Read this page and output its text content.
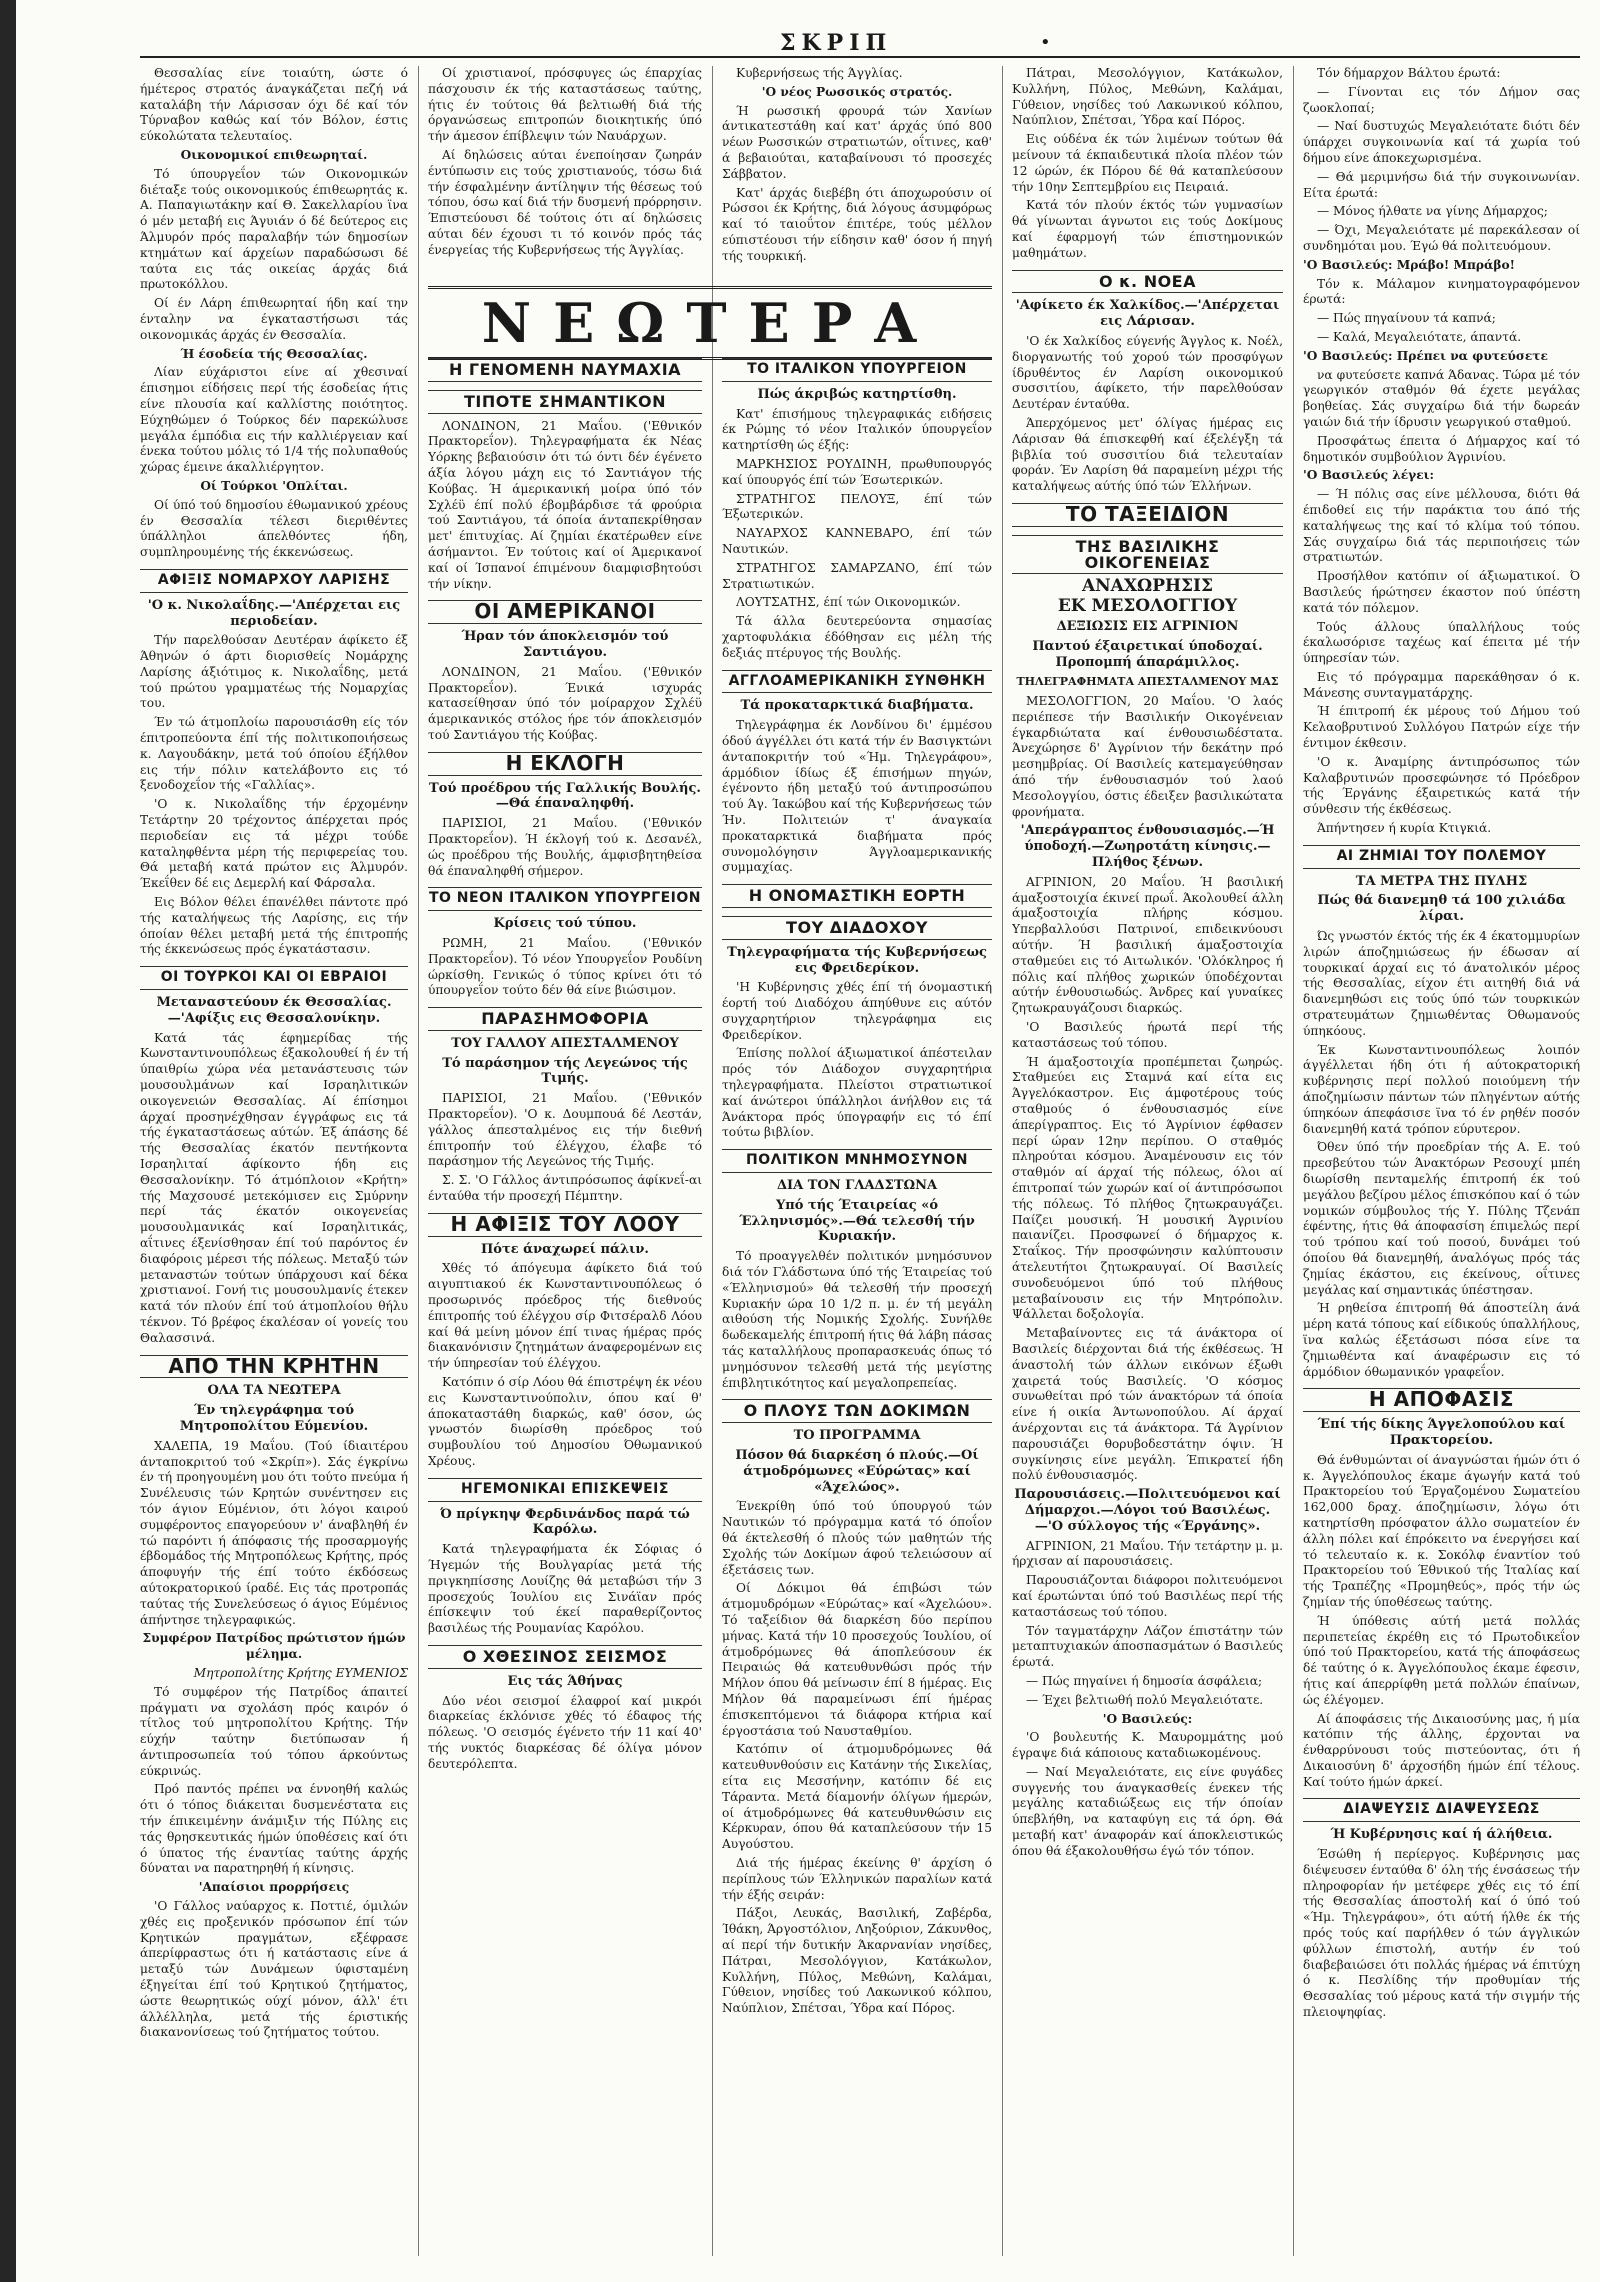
ΣΚΡΙΠ	•

Θεσσαλίας είνε τοιαύτη, ώστε ό ήμέτερος στρατός άναγκάζεται πεζή νά καταλάβη τήν Λάρισσαν όχι δέ καί τόν Τύρναβον καθώς καί τόν Βόλον, έστις εύκολώτατα τελευταίος.

Οικονομικοί επιθεωρηταί.

Τό ύπουργεΐον τών Οικονομικών διέταξε τούς οικονομικούς έπιθεωρητάς κ. Α. Παπαγιωτάκην καί Θ. Σακελλαρίου ϊνα ό μέν μεταβή εις Άγυιάν ό δέ δεύτερος εις Άλμυρόν πρός παραλαβήν τών δημοσίων κτημάτων καί άρχείων παραδώσωσι δέ ταύτα εις τάς οικείας άρχάς διά πρωτοκόλλου.

Οί έν Λάρη έπιθεωρηταί ήδη καί την ένταλην να έγκαταστήσωσι τάς οικονομικάς άρχάς έν Θεσσαλία.

Ή έσοδεία τής Θεσσαλίας.

Λίαν εύχάριστοι είνε αί χθεσιναί έπισημοι είδήσεις περί τής έσοδείας ήτις είνε πλουσία καί καλλίστης ποιότητος. Εύχηθώμεν ό Τούρκος δέν παρεκώλυσε μεγάλα έμπόδια εις τήν καλλιέργειαν καί ένεκα τούτου μόλις τό 1/4 τής πολυπαθούς χώρας έμεινε άκαλλιέργητον.

Οί Τούρκοι 'Οπλίται.

Οί ύπό τού δημοσίου έθωμανικού χρέους έν Θεσσαλία τέλεσι διεριθέντες ύπάλληλοι άπελθόντες ήδη, συμπληρουμένης τής έκκενώσεως.

ΑΦΙΞΙΣ ΝΟΜΑΡΧΟΥ ΛΑΡΙΣΗΣ
'Ο κ. Νικολαΐδης.—'Απέρχεται εις περιοδείαν.

Τήν παρελθούσαν Δευτέραν άφίκετο έξ Άθηνών ό άρτι διορισθείς Νομάρχης Λαρίσης άξιότιμος κ. Νικολαΐδης, μετά τού πρώτου γραμματέως τής Νομαρχίας του.

Έν τώ άτμοπλοίω παρουσιάσθη είς τόν έπιτροπεύοντα έπί τής πολιτικοποιήσεως κ. Λαγουδάκην, μετά τού όποίου έξήλθον εις τήν πόλιν κατελάβοντο εις τό ξενοδοχεΐον τής «Γαλλίας».

'Ο κ. Νικολαΐδης τήν έρχομένην Τετάρτην 20 τρέχοντος άπέρχεται πρός περιοδείαν εις τά μέχρι τούδε καταληφθέντα μέρη τής περιφερείας του. Θά μεταβή κατά πρώτον εις Άλμυρόν. Έκεΐθεν δέ εις Δεμερλή καί Φάρσαλα.

Εις Βόλον θέλει έπανέλθει πάντοτε πρό τής καταλήψεως τής Λαρίσης, εις τήν όποίαν θέλει μεταβή μετά τής έπιτροπής τής έκκενώσεως πρός έγκατάστασιν.

ΟΙ ΤΟΥΡΚΟΙ ΚΑΙ ΟΙ ΕΒΡΑΙΟΙ
Μεταναστεύουν έκ Θεσσαλίας.—'Αφίξις εις Θεσσαλονίκην.

Κατά τάς έφημερίδας τής Κωνσταντινουπόλεως έξακολουθεί ή έν τή ύπαιθρίω χώρα νέα μετανάστευσις τών μουσουλμάνων καί Ισραηλιτικών οικογενειών Θεσσαλίας. Αί έπίσημοι άρχαί προσηνέχθησαν έγγράφως εις τά τής έγκαταστάσεως αύτών. Έξ άπάσης δέ τής Θεσσαλίας έκατόν πεντήκοντα Ισραηλιταί άφίκοντο ήδη εις Θεσσαλονίκην. Τό άτμόπλοιον «Κρήτη» τής Μαχσουσέ μετεκόμισεν εις Σμύρνην περί τάς έκατόν οικογενείας μουσουλμανικάς καί Ισραηλιτικάς, αΐτινες έξενίσθησαν έπί τού παρόντος έν διαφόροις μέρεσι τής πόλεως. Μεταξύ τών μεταναστών τούτων ύπάρχουσι καί δέκα χριστιανοί. Γονή τις μουσουλμανίς έτεκεν κατά τόν πλούν έπί τού άτμοπλοίου θήλυ τέκνον. Τό βρέφος έκαλέσαν οί γονείς του Θαλασσινά.

ΑΠΟ ΤΗΝ ΚΡΗΤΗΝ
ΟΛΑ ΤΑ ΝΕΩΤΕΡΑ
Έν τηλεγράφημα τού Μητροπολίτου Εύμενίου.

ΧΑΛΕΠΑ, 19 Μαΐου. (Τού ίδιαιτέρου άνταποκριτού τού «Σκρίπ»). Σάς έγκρίνω έν τή προηγουμένη μου ότι τούτο πνεύμα ή Συνέλευσις τών Κρητών συνέντησεν εις τόν άγιον Εύμένιον, ότι λόγοι καιρού συμφέροντος επαγορεύουν ν' άναβληθή έν τώ παρόντι ή άπόφασις τής προσαρμογής έβδομάδος τής Μητροπόλεως Κρήτης, πρός άποφυγήν τής έπί τούτο έκδόσεως αύτοκρατορικού ίραδέ. Εις τάς προτροπάς ταύτας τής Συνελεύσεως ό άγιος Εύμένιος άπήντησε τηλεγραφικώς.

Συμφέρον Πατρίδος πρώτιστον ήμών μέλημα.

Μητροπολίτης Κρήτης ΕΥΜΕΝΙΟΣ

Τό συμφέρον τής Πατρίδος άπαιτεί πράγματι να σχολάση πρός καιρόν ό τίτλος τού μητροπολίτου Κρήτης. Τήν εύχήν ταύτην διετύπωσαν ή άντιπροσωπεία τού τόπου άρκούντως εύκρινώς.

Πρό παντός πρέπει να έννοηθή καλώς ότι ό τόπος διάκειται δυσμενέστατα εις τήν έπικειμένην άνάμιξιν τής Πύλης εις τάς θρησκευτικάς ήμών ύποθέσεις καί ότι ό ύπατος τής έναντίας ταύτης άρχής δύναται να παρατηρηθή ή κίνησις.

'Απαίσιοι προρρήσεις

'Ο Γάλλος ναύαρχος κ. Ποττιέ, όμιλών χθές εις προξενικόν πρόσωπον έπί τών Κρητικών πραγμάτων, εξέφρασε άπερίφραστως ότι ή κατάστασις είνε ά μεταξύ τών Δυνάμεων ύφισταμένη έξηγείται έπί τού Κρητικού ζητήματος, ώστε θεωρητικώς ούχί μόνον, άλλ' έτι άλλέλληλα, μετά τής έριστικής διακανονίσεως τού ζητήματος τούτου.

Οί χριστιανοί, πρόσφυγες ώς έπαρχίας πάσχουσιν έκ τής καταστάσεως ταύτης, ήτις έν τούτοις θά βελτιωθή διά τής όργανώσεως επιτροπών διοικητικής ύπό τήν άμεσον έπίβλεψιν τών Ναυάρχων.

Αί δηλώσεις αύται ένεποίησαν ζωηράν έντύπωσιν εις τούς χριστιανούς, τόσω διά τήν έσφαλμένην άντίληψιν τής θέσεως τού τόπου, όσω καί διά τήν δυσμενή πρόρρησιν. Έπιστεύουσι δέ τούτοις ότι αί δηλώσεις αύται δέν έχουσι τι τό κοινόν πρός τάς ένεργείας τής Κυβερνήσεως τής Άγγλίας.

ΝΕΩΤΕΡΑ
Η ΓΕΝΟΜΕΝΗ ΝΑΥΜΑΧΙΑ
ΤΙΠΟΤΕ ΣΗΜΑΝΤΙΚΟΝ

ΛΟΝΔΙΝΟΝ, 21 Μαΐου. ('Εθνικόν Πρακτορεΐον). Τηλεγραφήματα έκ Νέας Υόρκης βεβαιούσιν ότι τώ όντι δέν έγένετο άξία λόγου μάχη εις τό Σαντιάγον τής Κούβας. Ή άμερικανική μοίρα ύπό τόν Σχλέϋ έπί πολύ έβομβάρδισε τά φρούρια τού Σαντιάγου, τά όποία άνταπεκρίθησαν μετ' έπιτυχίας. Αί ζημίαι έκατέρωθεν είνε άσήμαντοι. Έν τούτοις καί οί Άμερικανοί καί οί Ίσπανοί έπιμένουν διαμφισβητούσι τήν νίκην.

ΟΙ ΑΜΕΡΙΚΑΝΟΙ
Ήραν τόν άποκλεισμόν τού Σαντιάγου.

ΛΟΝΔΙΝΟΝ, 21 Μαΐου. ('Εθνικόν Πρακτορεΐον). Ένικά ισχυράς κατασείθησαν ύπό τόν μοίραρχον Σχλέϋ άμερικανικός στόλος ήρε τόν άποκλεισμόν τού Σαντιάγου τής Κούβας.

Η ΕΚΛΟΓΗ
Τού προέδρου τής Γαλλικής Βουλής.—Θά έπαναληφθή.

ΠΑΡΙΣΙΟΙ, 21 Μαΐου. ('Εθνικόν Πρακτορεΐον). Ή έκλογή τού κ. Δεσανέλ, ώς προέδρου τής Βουλής, άμφισβητηθείσα θά έπαναληφθή σήμερον.

ΤΟ ΝΕΟΝ ΙΤΑΛΙΚΟΝ ΥΠΟΥΡΓΕΙΟΝ
Κρίσεις τού τύπου.

ΡΩΜΗ, 21 Μαΐου. ('Εθνικόν Πρακτορεΐον). Τό νέον Υπουργεΐον Ρουδίνη ώρκίσθη. Γενικώς ό τύπος κρίνει ότι τό ύπουργεΐον τούτο δέν θά είνε βιώσιμον.

ΠΑΡΑΣΗΜΟΦΟΡΙΑ
ΤΟΥ ΓΑΛΛΟΥ ΑΠΕΣΤΑΛΜΕΝΟΥ
Τό παράσημον τής Λεγεώνος τής Τιμής.

ΠΑΡΙΣΙΟΙ, 21 Μαΐου. ('Εθνικόν Πρακτορεΐον). 'Ο κ. Δουμπουά δέ Λεστάν, γάλλος άπεσταλμένος εις τήν διεθνή έπιτροπήν τού έλέγχου, έλαβε τό παράσημον τής Λεγεώνος τής Τιμής.

Σ. Σ. 'Ο Γάλλος άντιπρόσωπος άφίκνεΐ-αι ένταύθα τήν προσεχή Πέμπτην.

Η ΑΦΙΞΙΣ ΤΟΥ ΛΟΟΥ
Πότε άναχωρεί πάλιν.

Χθές τό άπόγευμα άφίκετο διά τού αιγυπτιακού έκ Κωνσταντινουπόλεως ό προσωρινός πρόεδρος τής διεθνούς έπιτροπής τού έλέγχου σίρ Φιτσέραλδ Λόου καί θά μείνη μόνον έπί τινας ήμέρας πρός διακανόνισιν ζητημάτων άναφερομένων εις τήν ύπηρεσίαν τού έλέγχου.

Κατόπιν ό σίρ Λόου θά έπιστρέψη έκ νέου εις Κωνσταντινούπολιν, όπου καί θ' άποκαταστάθη διαρκώς, καθ' όσον, ώς γνωστόν διωρίσθη πρόεδρος τού συμβουλίου τού Δημοσίου Όθωμανικού Χρέους.

ΗΓΕΜΟΝΙΚΑΙ ΕΠΙΣΚΕΨΕΙΣ
Ό πρίγκηψ Φερδινάνδος παρά τώ Καρόλω.

Κατά τηλεγραφήματα έκ Σόφιας ό Ήγεμών τής Βουλγαρίας μετά τής πριγκηπίσσης Λουίζης θά μεταβώσι τήν 3 προσεχούς Ίουλίου εις Σινάϊαν πρός έπίσκεψιν τού έκεί παραθερίζοντος βασιλέως τής Ρουμανίας Καρόλου.

Ο ΧΘΕΣΙΝΟΣ ΣΕΙΣΜΟΣ
Εις τάς Άθήνας

Δύο νέοι σεισμοί έλαφροί καί μικρόι διαρκείας έκλόνισε χθές τό έδαφος τής πόλεως. 'Ο σεισμός έγένετο τήν 11 καί 40' τής νυκτός διαρκέσας δέ όλίγα μόνον δευτερόλεπτα.

Κυβερνήσεως τής Άγγλίας.

'Ο νέος Ρωσσικός στρατός.

Ή ρωσσική φρουρά τών Χανίων άντικατεστάθη καί κατ' άρχάς ύπό 800 νέων Ρωσσικών στρατιωτών, οΐτινες, καθ' ά βεβαιούται, καταβαίνουσι τό προσεχές Σάββατον.

Κατ' άρχάς διεβέβη ότι άποχωρούσιν οί Ρώσσοι έκ Κρήτης, διά λόγους άσυμφόρως καί τό ταιοΰτον έπιτέρε, τούς μέλλον εύπιστέουσι τήν είδησιν καθ' όσον ή πηγή τής τουρκική.

ΤΟ ΙΤΑΛΙΚΟΝ ΥΠΟΥΡΓΕΙΟΝ
Πώς άκριβώς κατηρτίσθη.

Κατ' έπισήμους τηλεγραφικάς ειδήσεις έκ Ρώμης τό νέον Ιταλικόν ύπουργεΐον κατηρτίσθη ώς έξής:

ΜΑΡΚΗΣΙΟΣ ΡΟΥΔΙΝΗ, πρωθυπουργός καί ύπουργός έπί τών Έσωτερικών.

ΣΤΡΑΤΗΓΟΣ ΠΕΛΟΥΞ, έπί τών Έξωτερικών.

ΝΑΥΑΡΧΟΣ ΚΑΝΝΕΒΑΡΟ, έπί τών Ναυτικών.

ΣΤΡΑΤΗΓΟΣ ΣΑΜΑΡΖΑΝΟ, έπί τών Στρατιωτικών.

ΛΟΥΤΣΑΤΗΣ, έπί τών Οικονομικών.

Τά άλλα δευτερεύοντα σημασίας χαρτοφυλάκια έδόθησαν εις μέλη τής δεξιάς πτέρυγος τής Βουλής.

ΑΓΓΛΟΑΜΕΡΙΚΑΝΙΚΗ ΣΥΝΘΗΚΗ
Τά προκαταρκτικά διαβήματα.

Τηλεγράφημα έκ Λονδίνου δι' έμμέσου όδού άγγέλλει ότι κατά τήν έν Βασιγκτώνι άνταποκριτήν τού «Ήμ. Τηλεγράφου», άρμόδιον ίδίως έξ έπισήμων πηγών, έγένοντο ήδη μεταξύ τού άντιπροσώπου τού Άγ. Ίακώβου καί τής Κυβερνήσεως τών Ήν. Πολιτειών τ' άναγκαία προκαταρκτικά διαβήματα πρός συνομολόγησιν Άγγλοαμερικανικής συμμαχίας.

Η ΟΝΟΜΑΣΤΙΚΗ ΕΟΡΤΗ
ΤΟΥ ΔΙΑΔΟΧΟΥ
Τηλεγραφήματα τής Κυβερνήσεως εις Φρειδερίκον.

'Η Κυβέρνησις χθές έπί τή όνομαστική έορτή τού Διαδόχου άπηύθυνε εις αύτόν συγχαρητήριον τηλεγράφημα εις Φρειδερίκον.

Έπίσης πολλοί άξιωματικοί άπέστειλαν πρός τόν Διάδοχον συγχαρητήρια τηλεγραφήματα. Πλείστοι στρατιωτικοί καί άνώτεροι ύπάλληλοι άνήλθον εις τά Άνάκτορα πρός ύπογραφήν εις τό έπί τούτω βιβλίον.

ΠΟΛΙΤΙΚΟΝ ΜΝΗΜΟΣΥΝΟΝ
ΔΙΑ ΤΟΝ ΓΛΑΔΣΤΩΝΑ
Υπό τής Έταιρείας «ό Έλληνισμός».—Θά τελεσθή τήν Κυριακήν.

Τό προαγγελθέν πολιτικόν μνημόσυνον διά τόν Γλάδστωνα ύπό τής Έταιρείας τού «Έλληνισμού» θά τελεσθή τήν προσεχή Κυριακήν ώρα 10 1/2 π. μ. έν τή μεγάλη αιθούση τής Νομικής Σχολής. Συνήλθε δωδεκαμελής έπιτροπή ήτις θά λάβη πάσας τάς καταλλήλους προπαρασκευάς όπως τό μνημόσυνον τελεσθή μετά τής μεγίστης έπιβλητικότητος καί μεγαλοπρεπείας.

Ο ΠΛΟΥΣ ΤΩΝ ΔΟΚΙΜΩΝ
ΤΟ ΠΡΟΓΡΑΜΜΑ
Πόσον θά διαρκέση ό πλούς.—Οί άτμοδρόμωνες «Εύρώτας» καί «Άχελώος».

Ένεκρίθη ύπό τού ύπουργού τών Ναυτικών τό πρόγραμμα κατά τό όποΐον θά έκτελεσθή ό πλούς τών μαθητών τής Σχολής τών Δοκίμων άφού τελειώσουν αί έξετάσεις των.

Οί Δόκιμοι θά έπιβώσι τών άτμομυδρόμων «Εύρώτας» καί «Άχελώου». Τό ταξείδιον θά διαρκέση δύο περίπου μήνας. Κατά τήν 10 προσεχούς Ίουλίου, οί άτμοδρόμωνες θά άποπλεύσουν έκ Πειραιώς θά κατευθυνθώσι πρός τήν Μήλον όπου θά μείνωσιν έπί 8 ήμέρας. Εις Μήλον θά παραμείνωσι έπί ήμέρας έπισκεπτόμενοι τά διάφορα κτήρια καί έργοστάσια τού Ναυσταθμίου.

Κατόπιν οί άτμομυδρόμωνες θά κατευθυνθούσιν εις Κατάνην τής Σικελίας, είτα εις Μεσσήνην, κατόπιν δέ εις Τάραντα. Μετά δίαμονήν όλίγων ήμερών, οί άτμοδρόμωνες θά κατευθυνθώσιν εις Κέρκυραν, όπου θά καταπλεύσουν τήν 15 Αυγούστου.

Διά τής ήμέρας έκείνης θ' άρχίση ό περίπλους τών Έλληνικών παραλίων κατά τήν έξής σειράν:

Πάξοι, Λευκάς, Βασιλική, Ζαβέρδα, Ίθάκη, Άργοστόλιον, Ληξούριον, Ζάκυνθος, αί περί τήν δυτικήν Άκαρνανίαν νησίδες, Πάτραι, Μεσολόγγιον, Κατάκωλον, Κυλλήνη, Πύλος, Μεθώνη, Καλάμαι, Γύθειον, νησίδες τού Λακωνικού κόλπου, Ναύπλιον, Σπέτσαι, Ύδρα καί Πόρος.

Πάτραι, Μεσολόγγιον, Κατάκωλον, Κυλλήνη, Πύλος, Μεθώνη, Καλάμαι, Γύθειον, νησίδες τού Λακωνικού κόλπου, Ναύπλιον, Σπέτσαι, Ύδρα καί Πόρος.

Εις ούδένα έκ τών λιμένων τούτων θά μείνουν τά έκπαιδευτικά πλοία πλέον τών 12 ώρών, έκ Πόρου δέ θά καταπλεύσουν τήν 10ην Σεπτεμβρίου εις Πειραιά.

Κατά τόν πλούν έκτός τών γυμνασίων θά γίνωνται άγνωτοι εις τούς Δοκίμους καί έφαρμογή τών έπιστημονικών μαθημάτων.

Ο κ. ΝΟΕΑ
'Αφίκετο έκ Χαλκίδος.—'Απέρχεται εις Λάρισαν.

'Ο έκ Χαλκίδος εύγενής Άγγλος κ. Νοέλ, διοργανωτής τού χορού τών προσφύγων ίδρυθέντος έν Λαρίση οικονομικού συσσιτίου, άφίκετο, τήν παρελθούσαν Δευτέραν ένταύθα.

Άπερχόμενος μετ' όλίγας ήμέρας εις Λάρισαν θά έπισκεφθή καί έξελέγξη τά βιβλία τού συσσιτίου διά τελευταίαν φοράν. Έν Λαρίση θά παραμείνη μέχρι τής καταλήψεως αύτής ύπό τών Έλλήνων.

ΤΟ ΤΑΞΕΙΔΙΟΝ
ΤΗΣ ΒΑΣΙΛΙΚΗΣ ΟΙΚΟΓΕΝΕΙΑΣ
ΑΝΑΧΩΡΗΣΙΣ
ΕΚ ΜΕΣΟΛΟΓΓΙΟΥ
ΔΕΞΙΩΣΙΣ ΕΙΣ ΑΓΡΙΝΙΟΝ
Παντού έξαιρετικαί ύποδοχαί. Προπομπή άπαράμιλλος.
ΤΗΛΕΓΡΑΦΗΜΑΤΑ ΑΠΕΣΤΑΛΜΕΝΟΥ ΜΑΣ

ΜΕΣΟΛΟΓΓΙΟΝ, 20 Μαΐου. 'Ο λαός περιέπεσε τήν Βασιλικήν Οικογένειαν έγκαρδιώτατα καί ένθουσιωδέστατα. Άνεχώρησε δ' Άγρίνιον τήν δεκάτην πρό μεσημβρίας. Οί Βασιλείς κατεμαγεύθησαν άπό τήν ένθουσιασμόν τού λαού Μεσολογγίου, όστις έδειξεν βασιλικώτατα φρονήματα.

'Απεράγραπτος ένθουσιασμός.—Ή ύποδοχή.—Ζωηροτάτη κίνησις.—Πλήθος ξένων.

ΑΓΡΙΝΙΟΝ, 20 Μαΐου. Ή βασιλική άμαξοστοιχία έκινεί πρωΐ. Άκολουθεί άλλη άμαξοστοιχία πλήρης κόσμου. Υπερβαλλούσι Πατρινοί, επιδεικνύουσι αύτήν. Ή βασιλική άμαξοστοιχία σταθμεύει εις τό Αιτωλικόν. 'Ολόκληρος ή πόλις καί πλήθος χωρικών ύποδέχονται αύτήν ένθουσιωδώς. Άνδρες καί γυναίκες ζητωκραυγάζουσι διαρκώς.

'Ο Βασιλεύς ήρωτά περί τής καταστάσεως τού τόπου.

Ή άμαξοστοιχία προπέμπεται ζωηρώς. Σταθμεύει εις Σταμνά καί είτα εις Άγγελόκαστρον. Εις άμφοτέρους τούς σταθμούς ό ένθουσιασμός είνε άπερίγραπτος. Εις τό Άγρίνιον έφθασεν περί ώραν 12ην περίπου. Ο σταθμός πληρούται κόσμου. Άναμένουσιν εις τόν σταθμόν αί άρχαί τής πόλεως, όλοι αί έπιτροπαί τών χωρών καί οί άντιπρόσωποι τής πόλεως. Τό πλήθος ζητωκραυγάζει. Παίζει μουσική. Ή μουσική Άγρινίου παιανίζει. Προσφωνεί ό δήμαρχος κ. Σταΐκος. Τήν προσφώνησιν καλύπτουσιν άτελευτήτοι ζητωκραυγαί. Οί Βασιλείς συνοδευόμενοι ύπό τού πλήθους μεταβαίνουσιν εις τήν Μητρόπολιν. Ψάλλεται δοξολογία.

Μεταβαίνοντες εις τά άνάκτορα οί Βασιλείς διέρχονται διά τής έκθέσεως. Ή άναστολή τών άλλων εικόνων έξωθι χαιρετά τούς Βασιλείς. 'Ο κόσμος συνωθείται πρό τών άνακτόρων τά όποία είνε ή οικία Άντωνοπούλου. Αί άρχαί άνέρχονται εις τά άνάκτορα. Τά Άγρίνιον παρουσιάζει θορυβοδεστάτην όψιν. Ή συγκίνησις είνε μεγάλη. Έπικρατεί ήδη πολύ ένθουσιασμός.

Παρουσιάσεις.—Πολιτευόμενοι καί Δήμαρχοι.—Λόγοι τού Βασιλέως.—'Ο σύλλογος τής «Έργάνης».

ΑΓΡΙΝΙΟΝ, 21 Μαΐου. Τήν τετάρτην μ. μ. ήρχισαν αί παρουσιάσεις.

Παρουσιάζονται διάφοροι πολιτευόμενοι καί έρωτώνται ύπό τού Βασιλέως περί τής καταστάσεως τού τόπου.

Τόν ταγματάρχην Λάζον έπιστάτην τών μεταπτυχιακών άποσπασμάτων ό Βασιλεύς έρωτά.

— Πώς πηγαίνει ή δημοσία άσφάλεια;

— Έχει βελτιωθή πολύ Μεγαλειότατε.

'Ο Βασιλεύς:

'Ο βουλευτής Κ. Μαυρομμάτης μού έγραψε διά κάποιους καταδιωκομένους.

— Ναί Μεγαλειότατε, εις είνε φυγάδες συγγενής του άναγκασθείς ένεκεν τής μεγάλης καταδιώξεως εις τήν όποίαν ύπεβλήθη, να καταφύγη εις τά όρη. Θά μεταβή κατ' άναφοράν καί άποκλειστικώς όπου θά έξακολουθήσω έγώ τόν τόπον.

Τόν δήμαρχον Βάλτου έρωτά:

— Γίνονται εις τόν Δήμον σας ζωοκλοπαί;

— Ναί δυστυχώς Μεγαλειότατε διότι δέν ύπάρχει συγκοινωνία καί τά χωρία τού δήμου είνε άποκεχωρισμένα.

— Θά μεριμνήσω διά τήν συγκοινωνίαν. Είτα έρωτά:

— Μόνος ήλθατε να γίνης Δήμαρχος;

— Όχι, Μεγαλειότατε μέ παρεκάλεσαν οί συνδημόται μου. Έγώ θά πολιτευόμουν.

'Ο Βασιλεύς: Μράβο! Μπράβο!

Τόν κ. Μάλαμον κινηματογραφόμενον έρωτά:

— Πώς πηγαίνουν τά καπνά;

— Καλά, Μεγαλειότατε, άπαντά.

'Ο Βασιλεύς: Πρέπει να φυτεύσετε

να φυτεύσετε καπνά Άδανας. Τώρα μέ τόν γεωργικόν σταθμόν θά έχετε μεγάλας βοηθείας. Σάς συγχαίρω διά τήν δωρεάν γαιών διά τήν ίδρυσιν γεωργικού σταθμού.

Προσφάτως έπειτα ό Δήμαρχος καί τό δημοτικόν συμβούλιον Άγρινίου.

'Ο Βασιλεύς λέγει:

— Ή πόλις σας είνε μέλλουσα, διότι θά έπιδοθεί εις τήν παράκτια του άπό τής καταλήψεως της καί τό κλίμα τού τόπου. Σάς συγχαίρω διά τάς περιποιήσεις τών στρατιωτών.

Προσήλθον κατόπιν οί άξιωματικοί. Ό Βασιλεύς ήρώτησεν έκαστον πού ύπέστη κατά τόν πόλεμον.

Τούς άλλους ύπαλλήλους τούς έκαλωσόρισε ταχέως καί έπειτα μέ τήν ύπηρεσίαν τών.

Εις τό πρόγραμμα παρεκάθησαν ό κ. Μάνεσης συνταγματάρχης.

Ή έπιτροπή έκ μέρους τού Δήμου τού Κελαοβρυτινού Συλλόγου Πατρών είχε τήν έντιμον έκθεσιν.

'Ο κ. Άναμίρης άντιπρόσωπος τών Καλαβρυτινών προσεφώνησε τό Πρόεδρον τής Έργάνης έξαιρετικώς κατά τήν σύνθεσιν τής έκθέσεως.

Άπήντησεν ή κυρία Κτιγκιά.

ΑΙ ΖΗΜΙΑΙ ΤΟΥ ΠΟΛΕΜΟΥ
ΤΑ ΜΕΤΡΑ ΤΗΣ ΠΥΛΗΣ
Πώς θά διανεμηθ τά 100 χιλιάδα λίραι.

Ώς γνωστόν έκτός τής έκ 4 έκατομμυρίων λιρών άποζημιώσεως ήν έδωσαν αί τουρκικαί άρχαί εις τό άνατολικόν μέρος τής Θεσσαλίας, είχον έτι αιτηθή διά νά διανεμηθώσι εις τούς ύπό τών τουρκικών στρατευμάτων ζημιωθέντας Όθωμανούς ύπηκόους.

Έκ Κωνσταντινουπόλεως λοιπόν άγγέλλεται ήδη ότι ή αύτοκρατορική κυβέρνησις περί πολλού ποιούμενη τήν άποζημίωσιν πάντων τών πληγέντων αύτής ύπηκόων άπεφάσισε ϊνα τό έν ρηθέν ποσόν διανεμηθή κατά τρόπον εύρυτερον.

Όθεν ύπό τήν προεδρίαν τής Α. Ε. τού πρεσβεύτου τών Άνακτόρων Ρεσουχί μπέη διωρίσθη πενταμελής έπιτροπή έκ τού μεγάλου βεζίρου μέλος έπισκόπου καί ό τών νομικών σύμβουλος τής Υ. Πύλης Τζενάπ έφέντης, ήτις θά άποφασίση έπιμελώς περί τού τρόπου καί τού ποσού, δυνάμει τού όποίου θά διανεμηθή, άναλόγως πρός τάς ζημίας έκάστου, εις έκείνους, οΐτινες μεγάλας καί σημαντικάς ύπέστησαν.

Ή ρηθείσα έπιτροπή θά άποστείλη άνά μέρη κατά τόπους καί είδικούς ύπαλλήλους, ϊνα καλώς έξετάσωσι πόσα είνε τα ζημιωθέντα καί άναφέρωσιν εις τό άρμόδιον όθωμανικόν γραφεΐον.

Η ΑΠΟΦΑΣΙΣ
Έπί τής δίκης Άγγελοπούλου καί Πρακτορείου.

Θά ένθυμώνται οί άναγνώσται ήμών ότι ό κ. Άγγελόπουλος έκαμε άγωγήν κατά τού Πρακτορείου τού Έργαζομένου Σωματείου 162,000 δραχ. άποζημίωσιν, λόγω ότι κατηρτίσθη πρόσφατον άλλο σωματείον έν άλλη πόλει καί έπρόκειτο να ένεργήσει καί τό τελευταίο κ. κ. Σοκόλφ έναντίον τού Πρακτορείου τού Έθνικού τής Ίταλίας καί τής Τραπέζης «Προμηθεύς», πρός τήν ώς ζημίαν τής ύποθέσεως ταύτης.

Ή ύπόθεσις αύτή μετά πολλάς περιπετείας έκρέθη εις τό Πρωτοδικεΐον ύπό τού Πρακτορείου, κατά τής άποφάσεως δέ ταύτης ό κ. Άγγελόπουλος έκαμε έφεσιν, ήτις καί άπερρίφθη μετά πολλών έπαίνων, ώς έλέγομεν.

Αί άποφάσεις τής Δικαιοσύνης μας, ή μία κατόπιν τής άλλης, έρχονται να ένθαρρύνουσι τούς πιστεύοντας, ότι ή Δικαιοσύνη δ' άρχοσήδη ήμών έπί τέλους. Καί τούτο ήμών άρκεί.

ΔΙΑΨΕΥΣΙΣ ΔΙΑΨΕΥΣΕΩΣ
Ή Κυβέρνησις καί ή άλήθεια.

Έσώθη ή περίεργος. Κυβέρνησις μας διέψευσεν ένταύθα δ' όλη τής ένσάσεως τήν πληροφορίαν ήν μετέφερε χθές εις τό έπί τής Θεσσαλίας άποστολή καί ό ύπό τού «Ήμ. Τηλεγράφου», ότι αύτή ήλθε έκ τής πρός τούς καί παρήλθεν ό τών άγγλικών φύλλων έπιστολή, αυτήν έν τού διαβεβαιώσει ότι πολλάς ήμέρας νά έπιτύχη ό κ. Πεσλίδης τήν προθυμίαν τής Θεσσαλίας τού μέρους κατά τήν σιγμήν τής πλειοψηφίας.
